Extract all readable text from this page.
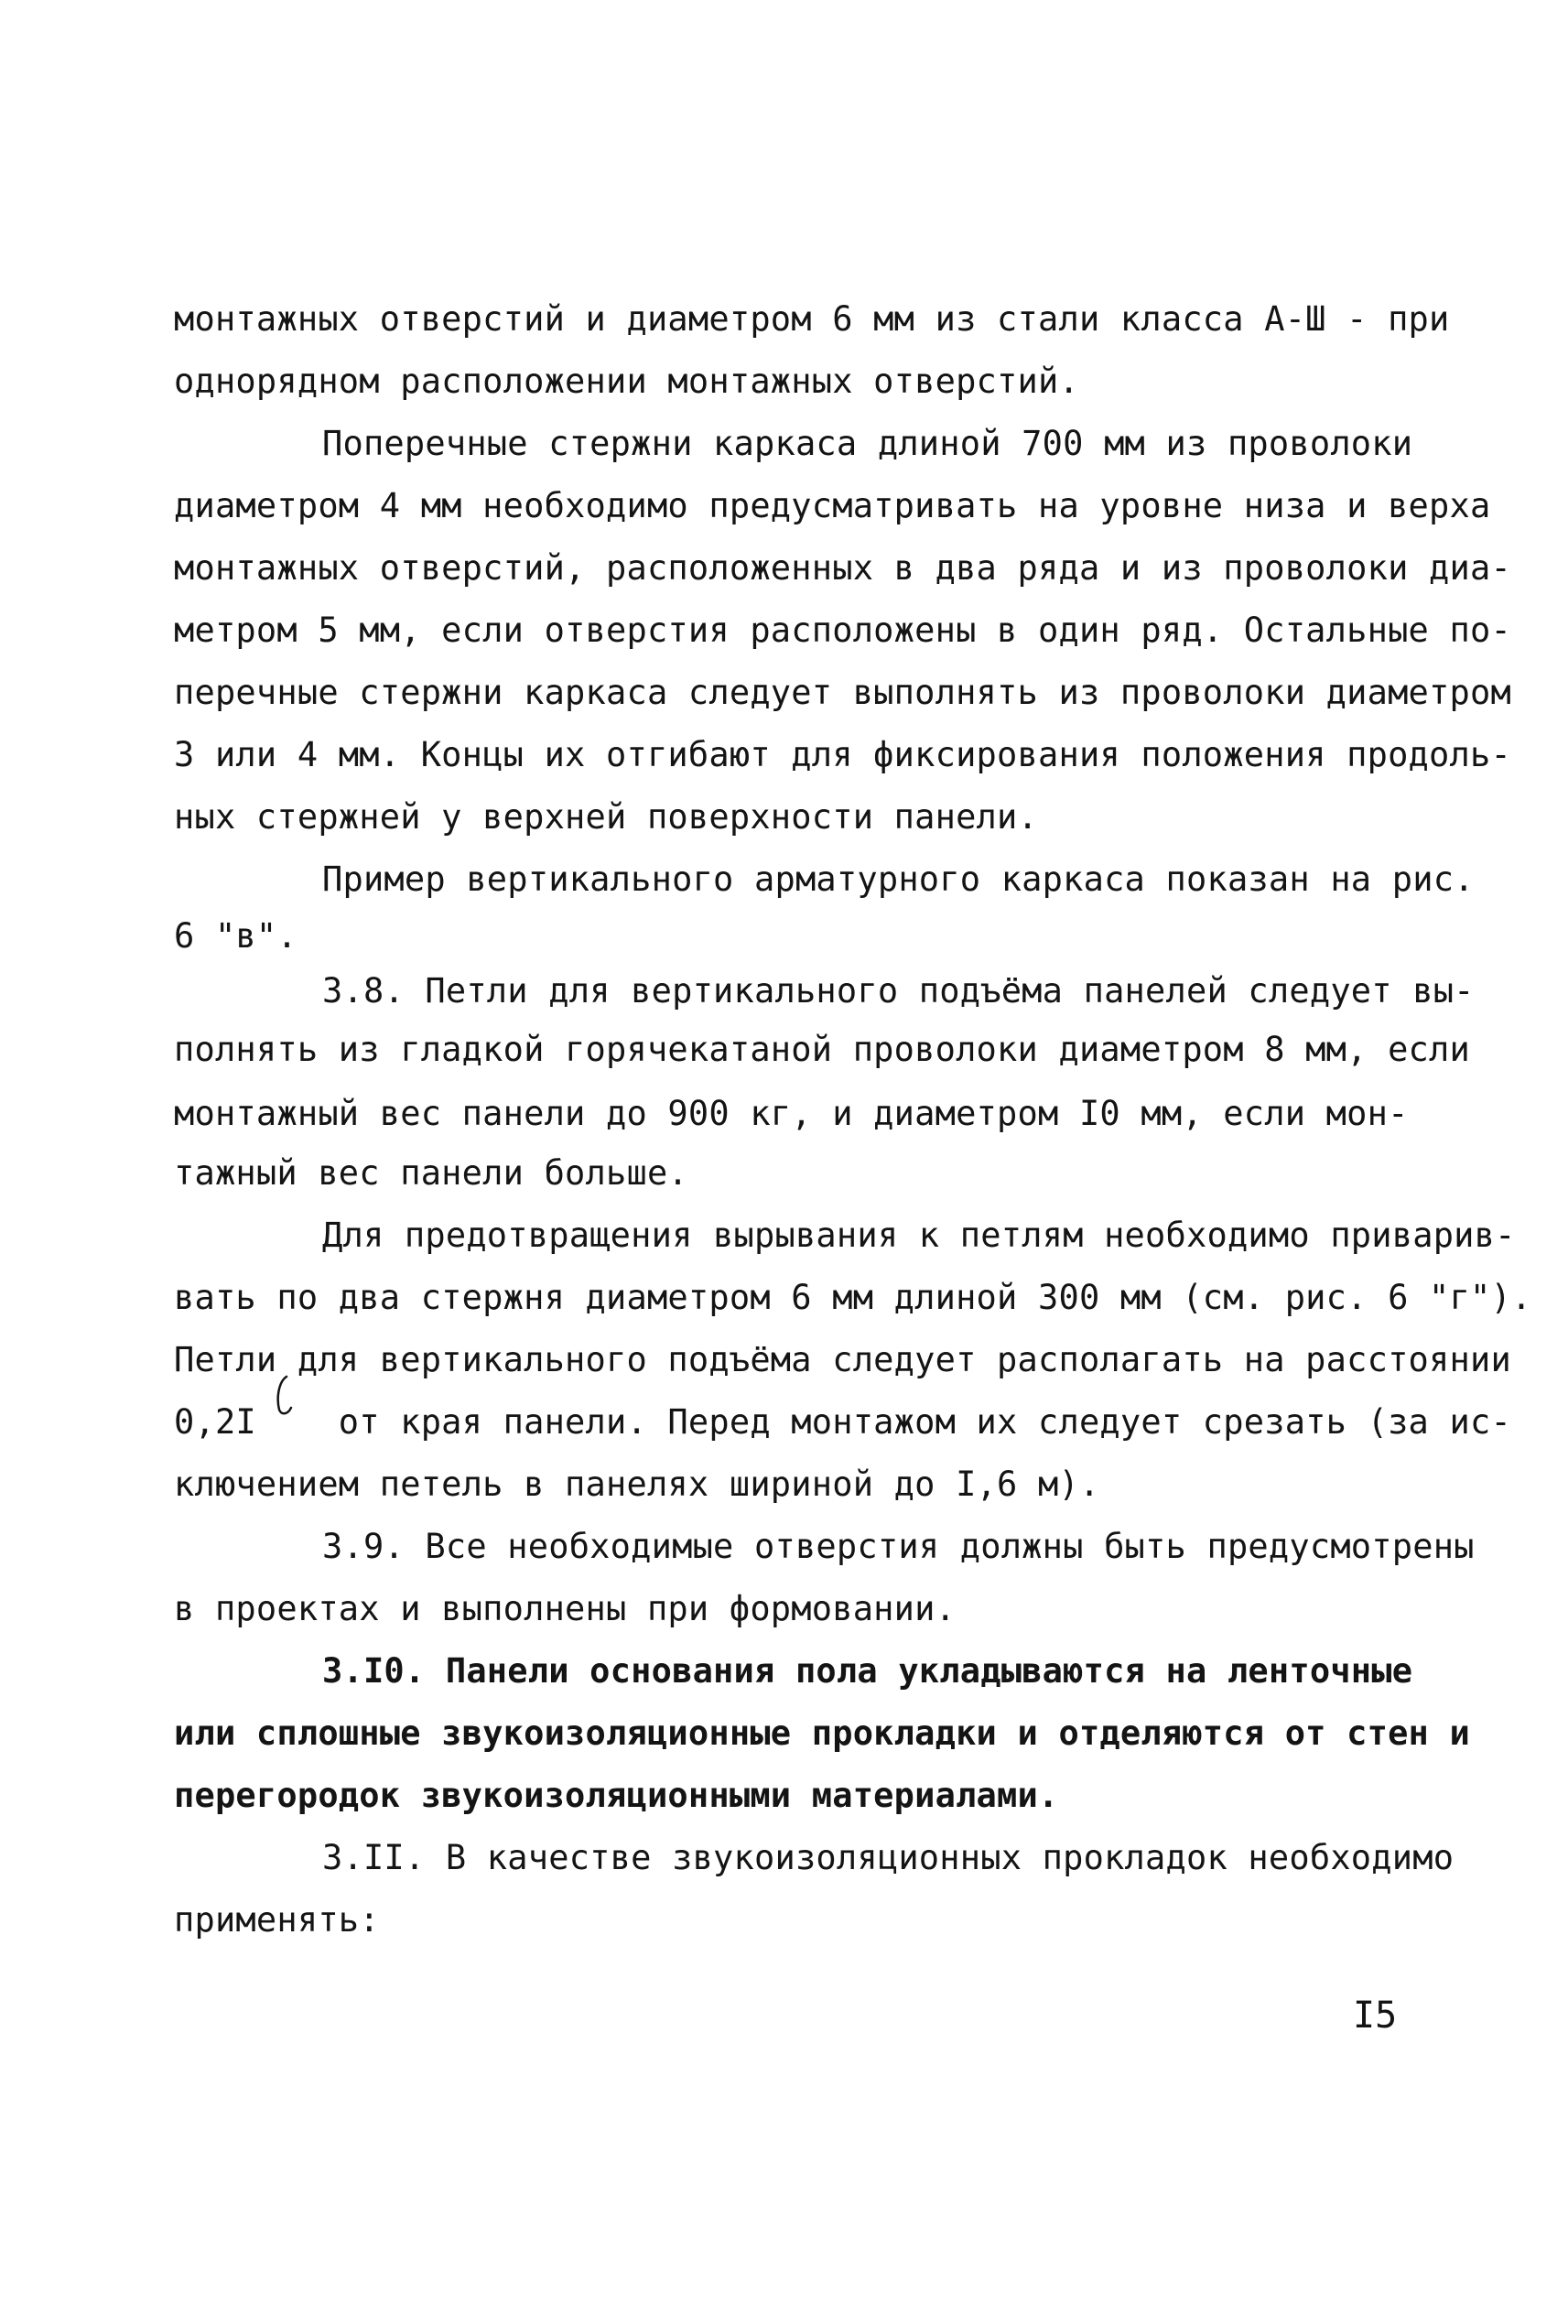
монтажных отверстий и диаметром 6 мм из стали класса А-Ш - при
однорядном расположении монтажных отверстий.
Поперечные стержни каркаса длиной 700 мм из проволоки
диаметром 4 мм необходимо предусматривать на уровне низа и верха
монтажных отверстий, расположенных в два ряда и из проволоки диа-
метром 5 мм, если отверстия расположены в один ряд. Остальные по-
перечные стержни каркаса следует выполнять из проволоки диаметром
3 или 4 мм. Концы их отгибают для фиксирования положения продоль-
ных стержней у верхней поверхности панели.
Пример вертикального арматурного каркаса показан на рис.
6 "в".
3.8. Петли для вертикального подъёма панелей следует вы-
полнять из гладкой горячекатаной проволоки диаметром 8 мм, если
монтажный вес панели до 900 кг, и диаметром I0 мм, если мон-
тажный вес панели больше.
Для предотвращения вырывания к петлям необходимо приварив-
вать по два стержня диаметром 6 мм длиной 300 мм (см. рис. 6 "г").
Петли для вертикального подъёма следует располагать на расстоянии
0,2I    от края панели. Перед монтажом их следует срезать (за ис-
ключением петель в панелях шириной до I,6 м).
3.9. Все необходимые отверстия должны быть предусмотрены
в проектах и выполнены при формовании.
3.I0. Панели основания пола укладываются на ленточные
или сплошные звукоизоляционные прокладки и отделяются от стен и
перегородок звукоизоляционными материалами.
3.II. В качестве звукоизоляционных прокладок необходимо
применять:
I5
